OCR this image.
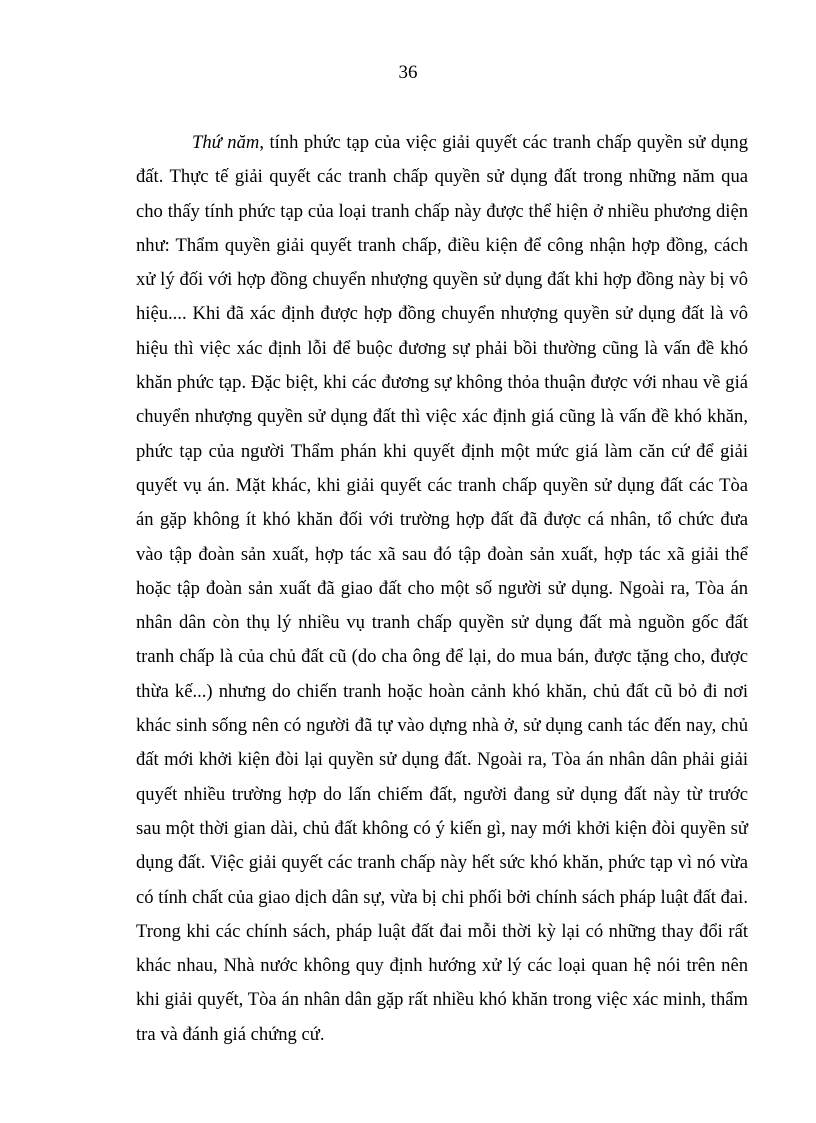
36

Thứ năm, tính phức tạp của việc giải quyết các tranh chấp quyền sử dụng đất. Thực tế giải quyết các tranh chấp quyền sử dụng đất trong những năm qua cho thấy tính phức tạp của loại tranh chấp này được thể hiện ở nhiều phương diện như: Thẩm quyền giải quyết tranh chấp, điều kiện để công nhận hợp đồng, cách xử lý đối với hợp đồng chuyển nhượng quyền sử dụng đất khi hợp đồng này bị vô hiệu.... Khi đã xác định được hợp đồng chuyển nhượng quyền sử dụng đất là vô hiệu thì việc xác định lỗi để buộc đương sự phải bồi thường cũng là vấn đề khó khăn phức tạp. Đặc biệt, khi các đương sự không thỏa thuận được với nhau về giá chuyển nhượng quyền sử dụng đất thì việc xác định giá cũng là vấn đề khó khăn, phức tạp của người Thẩm phán khi quyết định một mức giá làm căn cứ để giải quyết vụ án. Mặt khác, khi giải quyết các tranh chấp quyền sử dụng đất các Tòa án gặp không ít khó khăn đối với trường hợp đất đã được cá nhân, tổ chức đưa vào tập đoàn sản xuất, hợp tác xã sau đó tập đoàn sản xuất, hợp tác xã giải thể hoặc tập đoàn sản xuất đã giao đất cho một số người sử dụng. Ngoài ra, Tòa án nhân dân còn thụ lý nhiều vụ tranh chấp quyền sử dụng đất mà nguồn gốc đất tranh chấp là của chủ đất cũ (do cha ông để lại, do mua bán, được tặng cho, được thừa kế...) nhưng do chiến tranh hoặc hoàn cảnh khó khăn, chủ đất cũ bỏ đi nơi khác sinh sống nên có người đã tự vào dựng nhà ở, sử dụng canh tác đến nay, chủ đất mới khởi kiện đòi lại quyền sử dụng đất. Ngoài ra, Tòa án nhân dân phải giải quyết nhiều trường hợp do lấn chiếm đất, người đang sử dụng đất này từ trước sau một thời gian dài, chủ đất không có ý kiến gì, nay mới khởi kiện đòi quyền sử dụng đất. Việc giải quyết các tranh chấp này hết sức khó khăn, phức tạp vì nó vừa có tính chất của giao dịch dân sự, vừa bị chi phối bởi chính sách pháp luật đất đai. Trong khi các chính sách, pháp luật đất đai mỗi thời kỳ lại có những thay đổi rất khác nhau, Nhà nước không quy định hướng xử lý các loại quan hệ nói trên nên khi giải quyết, Tòa án nhân dân gặp rất nhiều khó khăn trong việc xác minh, thẩm tra và đánh giá chứng cứ.
